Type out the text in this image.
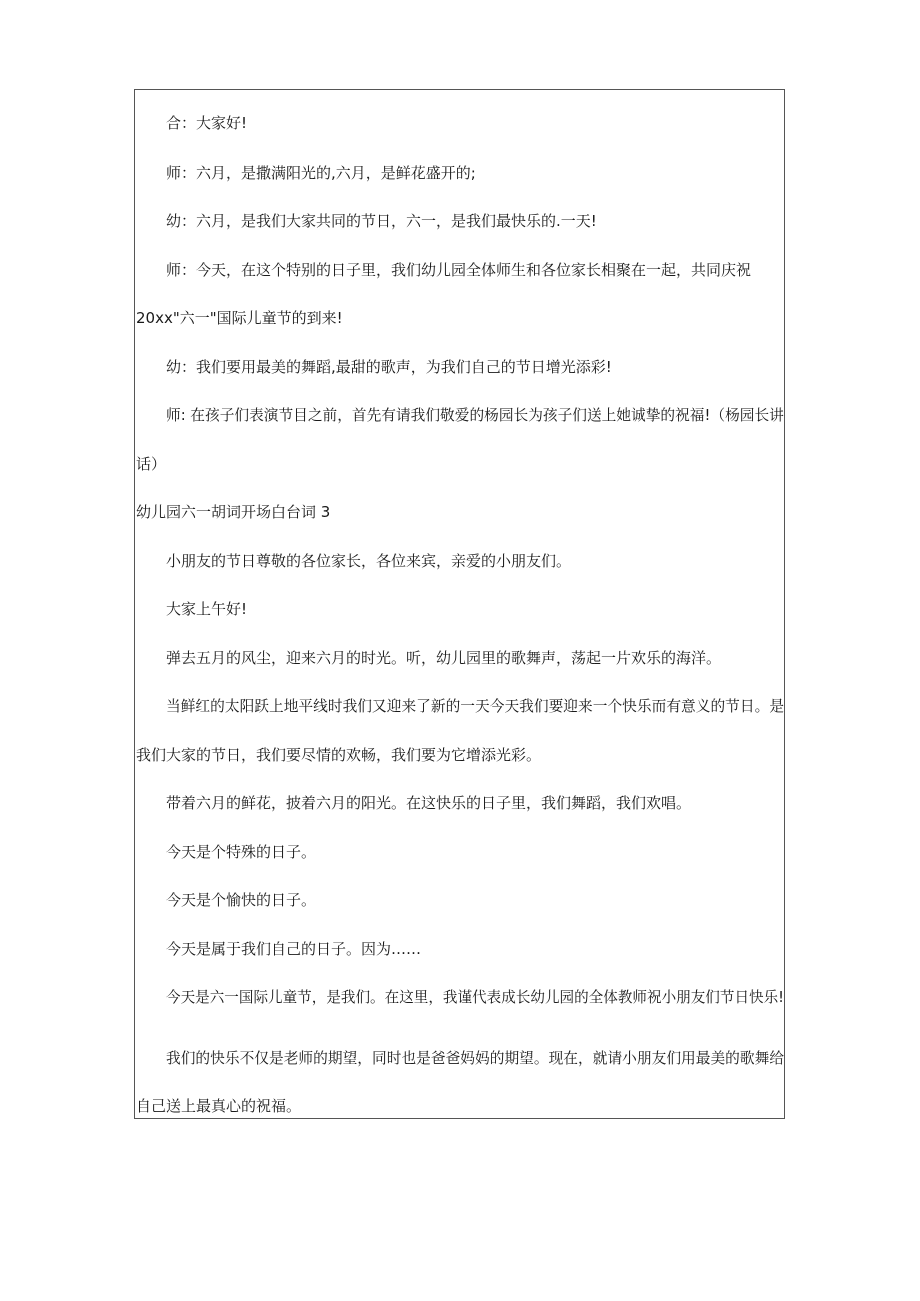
合：大家好!
师：六月，是撒满阳光的,六月，是鲜花盛开的;
幼：六月，是我们大家共同的节日，六一，是我们最快乐的.一天!
师：今天，在这个特别的日子里，我们幼儿园全体师生和各位家长相聚在一起，共同庆祝
20xx"六一"国际儿童节的到来!
幼：我们要用最美的舞蹈,最甜的歌声，为我们自己的节日增光添彩!
师: 在孩子们表演节目之前，首先有请我们敬爱的杨园长为孩子们送上她诚挚的祝福!（杨园长讲
话）
幼儿园六一胡词开场白台词 3
小朋友的节日尊敬的各位家长，各位来宾，亲爱的小朋友们。
大家上午好!
弹去五月的风尘，迎来六月的时光。听，幼儿园里的歌舞声，荡起一片欢乐的海洋。
当鲜红的太阳跃上地平线时我们又迎来了新的一天今天我们要迎来一个快乐而有意义的节日。是
我们大家的节日，我们要尽情的欢畅，我们要为它增添光彩。
带着六月的鲜花，披着六月的阳光。在这快乐的日子里，我们舞蹈，我们欢唱。
今天是个特殊的日子。
今天是个愉快的日子。
今天是属于我们自己的日子。因为……
今天是六一国际儿童节，是我们。在这里，我谨代表成长幼儿园的全体教师祝小朋友们节日快乐!
我们的快乐不仅是老师的期望，同时也是爸爸妈妈的期望。现在，就请小朋友们用最美的歌舞给
自己送上最真心的祝福。
